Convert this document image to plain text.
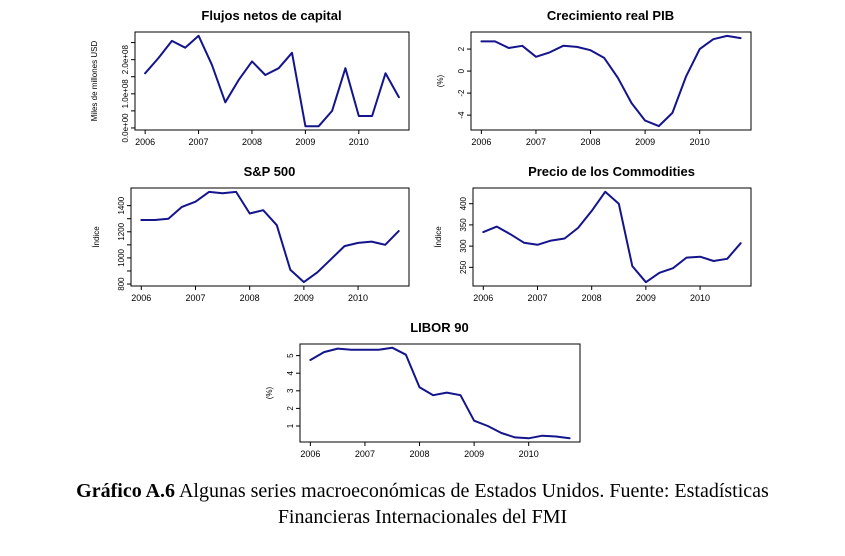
Flujos netos de capital
2006	2007	2008	2009	2010
0.0e+00
1.0e+08
2.0e+08
Miles de millones USD
Crecimiento real PIB
2006	2007	2008	2009	2010
-4
-2
0
2
(%)
S&P 500
2006	2007	2008	2009	2010
800
1000
1200
1400
Índice
Precio de los Commodities
2006	2007	2008	2009	2010
250
300
350
400
Índice
LIBOR 90
2006	2007	2008	2009	2010
1
2
3
4
5
(%)

Gráfico A.6 Algunas series macroeconómicas de Estados Unidos. Fuente: Estadísticas
Financieras Internacionales del FMI
